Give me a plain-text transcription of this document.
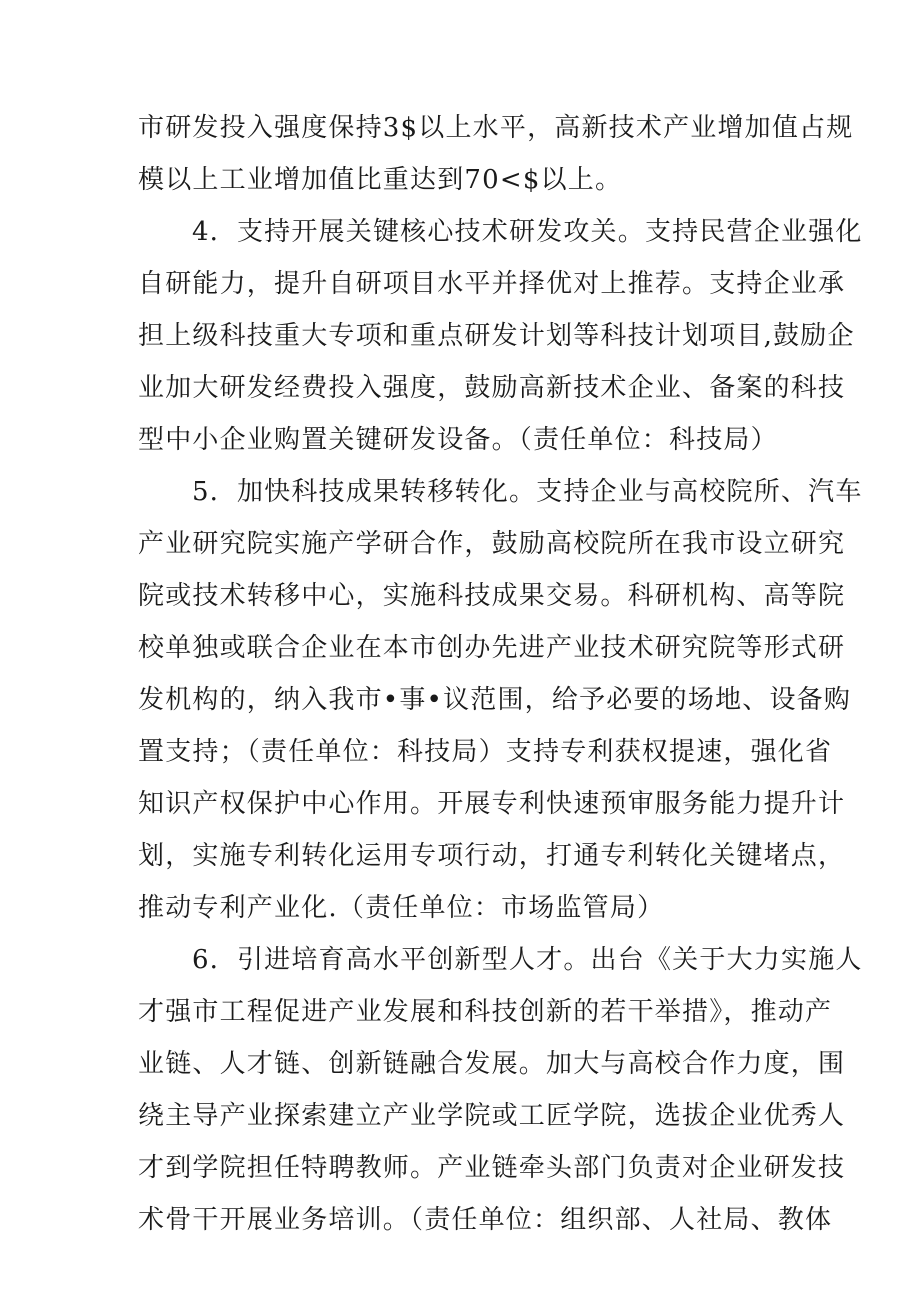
市研发投入强度保持3$以上水平，高新技术产业增加值占规
模以上工业增加值比重达到70<$以上。
4．支持开展关键核心技术研发攻关。支持民营企业强化
自研能力，提升自研项目水平并择优对上推荐。支持企业承
担上级科技重大专项和重点研发计划等科技计划项目,鼓励企
业加大研发经费投入强度，鼓励高新技术企业、备案的科技
型中小企业购置关键研发设备。（责任单位：科技局）
5．加快科技成果转移转化。支持企业与高校院所、汽车
产业研究院实施产学研合作，鼓励高校院所在我市设立研究
院或技术转移中心，实施科技成果交易。科研机构、高等院
校单独或联合企业在本市创办先进产业技术研究院等形式研
发机构的，纳入我市•事•议范围，给予必要的场地、设备购
置支持；（责任单位：科技局）支持专利获权提速，强化省
知识产权保护中心作用。开展专利快速预审服务能力提升计
划，实施专利转化运用专项行动，打通专利转化关键堵点，
推动专利产业化.（责任单位：市场监管局）
6．引进培育高水平创新型人才。出台《关于大力实施人
才强市工程促进产业发展和科技创新的若干举措》，推动产
业链、人才链、创新链融合发展。加大与高校合作力度，围
绕主导产业探索建立产业学院或工匠学院，选拔企业优秀人
才到学院担任特聘教师。产业链牵头部门负责对企业研发技
术骨干开展业务培训。（责任单位：组织部、人社局、教体
